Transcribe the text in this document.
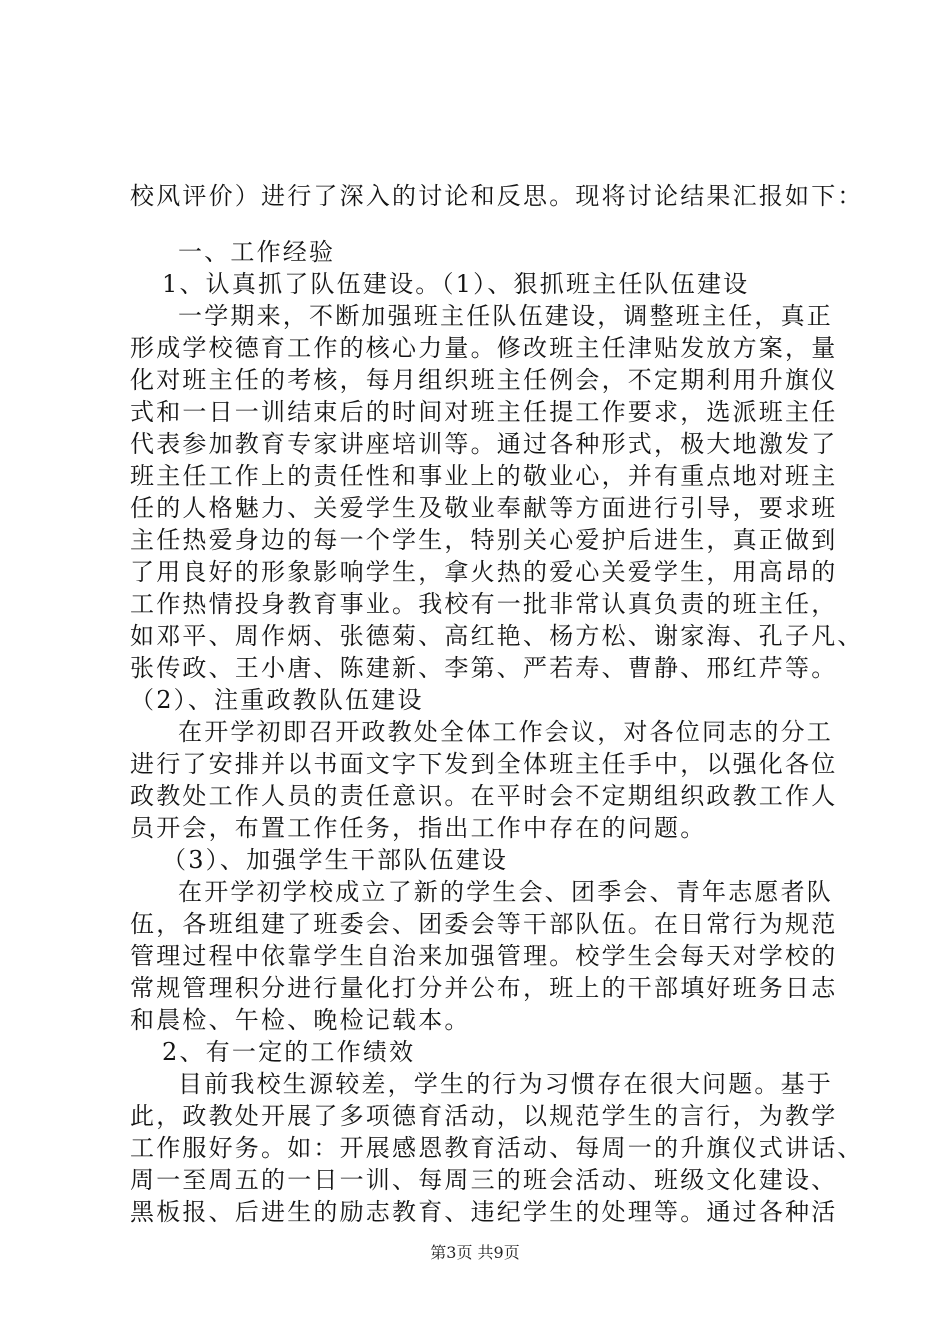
校风评价）进行了深入的讨论和反思。现将讨论结果汇报如下：
一、工作经验
1、认真抓了队伍建设。（1）、狠抓班主任队伍建设
一学期来，不断加强班主任队伍建设，调整班主任，真正
形成学校德育工作的核心力量。修改班主任津贴发放方案，量
化对班主任的考核，每月组织班主任例会，不定期利用升旗仪
式和一日一训结束后的时间对班主任提工作要求，选派班主任
代表参加教育专家讲座培训等。通过各种形式，极大地激发了
班主任工作上的责任性和事业上的敬业心，并有重点地对班主
任的人格魅力、关爱学生及敬业奉献等方面进行引导，要求班
主任热爱身边的每一个学生，特别关心爱护后进生，真正做到
了用良好的形象影响学生，拿火热的爱心关爱学生，用高昂的
工作热情投身教育事业。我校有一批非常认真负责的班主任，
如邓平、周作炳、张德菊、高红艳、杨方松、谢家海、孔子凡、
张传政、王小唐、陈建新、李第、严若寿、曹静、邢红芹等。
（2）、注重政教队伍建设
在开学初即召开政教处全体工作会议，对各位同志的分工
进行了安排并以书面文字下发到全体班主任手中，以强化各位
政教处工作人员的责任意识。在平时会不定期组织政教工作人
员开会，布置工作任务，指出工作中存在的问题。
（3）、加强学生干部队伍建设
在开学初学校成立了新的学生会、团季会、青年志愿者队
伍，各班组建了班委会、团委会等干部队伍。在日常行为规范
管理过程中依靠学生自治来加强管理。校学生会每天对学校的
常规管理积分进行量化打分并公布，班上的干部填好班务日志
和晨检、午检、晚检记载本。
2、有一定的工作绩效
目前我校生源较差，学生的行为习惯存在很大问题。基于
此，政教处开展了多项德育活动，以规范学生的言行，为教学
工作服好务。如：开展感恩教育活动、每周一的升旗仪式讲话、
周一至周五的一日一训、每周三的班会活动、班级文化建设、
黑板报、后进生的励志教育、违纪学生的处理等。通过各种活
第3页 共9页
